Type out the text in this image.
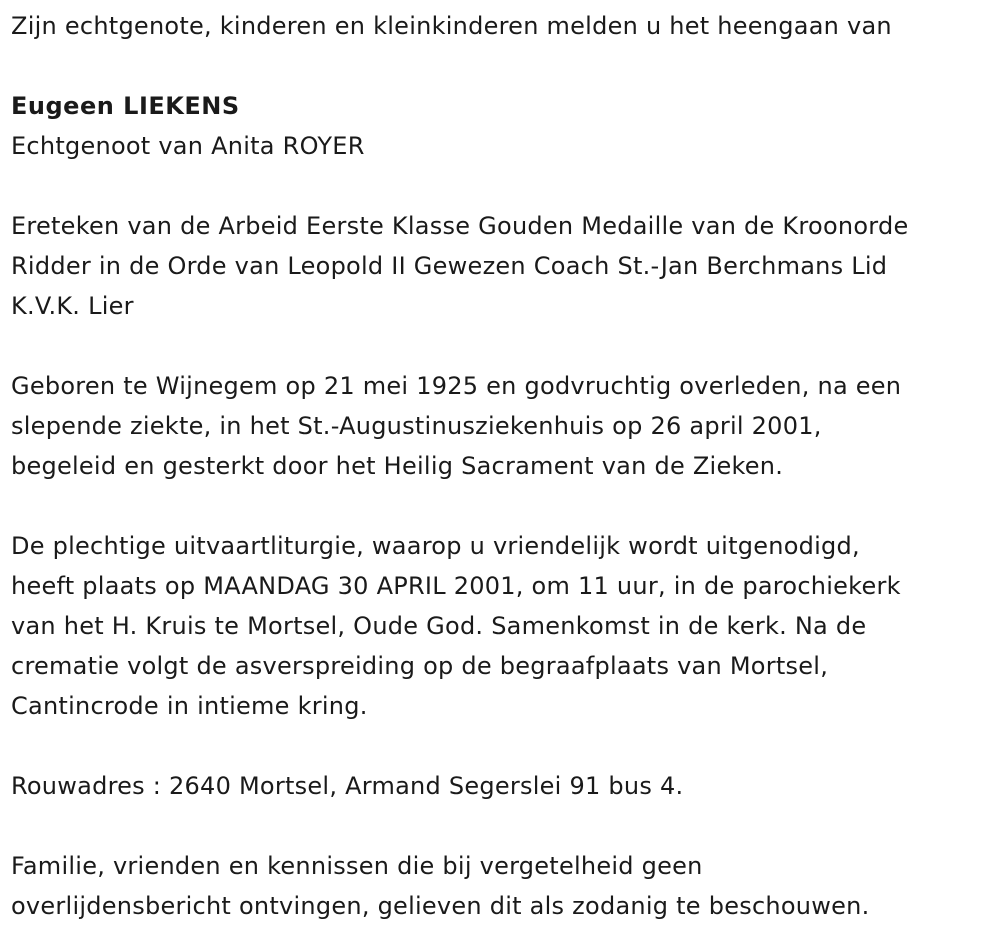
Zijn echtgenote, kinderen en kleinkinderen melden u het heengaan van
Eugeen LIEKENS
Echtgenoot van Anita ROYER
Ereteken van de Arbeid Eerste Klasse Gouden Medaille van de Kroonorde
Ridder in de Orde van Leopold II Gewezen Coach St.-Jan Berchmans Lid
K.V.K. Lier
Geboren te Wijnegem op 21 mei 1925 en godvruchtig overleden, na een
slepende ziekte, in het St.-Augustinusziekenhuis op 26 april 2001,
begeleid en gesterkt door het Heilig Sacrament van de Zieken.
De plechtige uitvaartliturgie, waarop u vriendelijk wordt uitgenodigd,
heeft plaats op MAANDAG 30 APRIL 2001, om 11 uur, in de parochiekerk
van het H. Kruis te Mortsel, Oude God. Samenkomst in de kerk. Na de
crematie volgt de asverspreiding op de begraafplaats van Mortsel,
Cantincrode in intieme kring.
Rouwadres : 2640 Mortsel, Armand Segerslei 91 bus 4.
Familie, vrienden en kennissen die bij vergetelheid geen
overlijdensbericht ontvingen, gelieven dit als zodanig te beschouwen.
